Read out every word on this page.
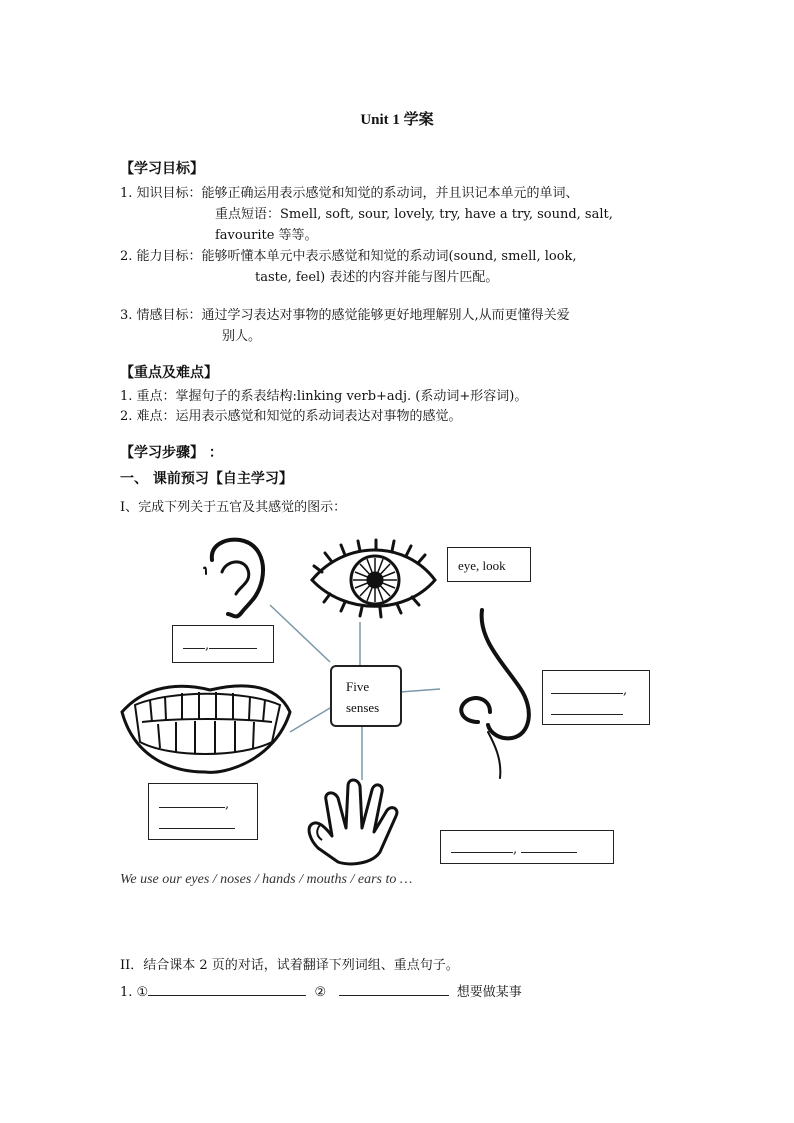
Unit 1 学案
【学习目标】
1. 知识目标：能够正确运用表示感觉和知觉的系动词，并且识记本单元的单词、
重点短语：Smell, soft, sour, lovely, try, have a try, sound, salt,
favourite 等等。
2. 能力目标：能够听懂本单元中表示感觉和知觉的系动词(sound, smell, look,
taste, feel) 表述的内容并能与图片匹配。
3. 情感目标：通过学习表达对事物的感觉能够更好地理解别人,从而更懂得关爱
别人。
【重点及难点】
1. 重点：掌握句子的系表结构:linking verb+adj. (系动词+形容词)。
2. 难点：运用表示感觉和知觉的系动词表达对事物的感觉。
【学习步骤】 ：
一、 课前预习【自主学习】
I、完成下列关于五官及其感觉的图示：
Five
senses
eye, look
,
,
,
,
We use our eyes / noses / hands / mouths / ears to …
II．结合课本 2 页的对话，试着翻译下列词组、重点句子。
1. ①	②	想要做某事
